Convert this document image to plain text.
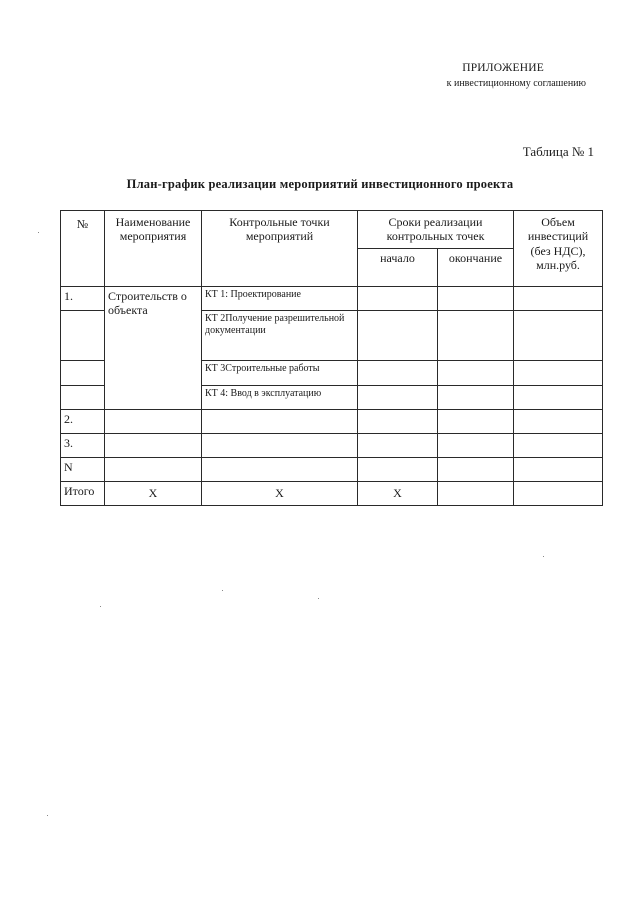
ПРИЛОЖЕНИЕ
к инвестиционному соглашению
Таблица № 1
План-график реализации мероприятий инвестиционного проекта
№	Наименование мероприятия	Контрольные точки мероприятий	Сроки реализации контрольных точек		Объем инвестиций (без НДС), млн.руб.
			начало	окончание	
1.	Строительств о объекта	КТ 1: Проектирование			
		КТ 2Получение разрешительной документации			
		КТ 3Строительные работы			
		КТ 4: Ввод в эксплуатацию			
2.					
3.					
N					
Итого	Х	Х	Х		
